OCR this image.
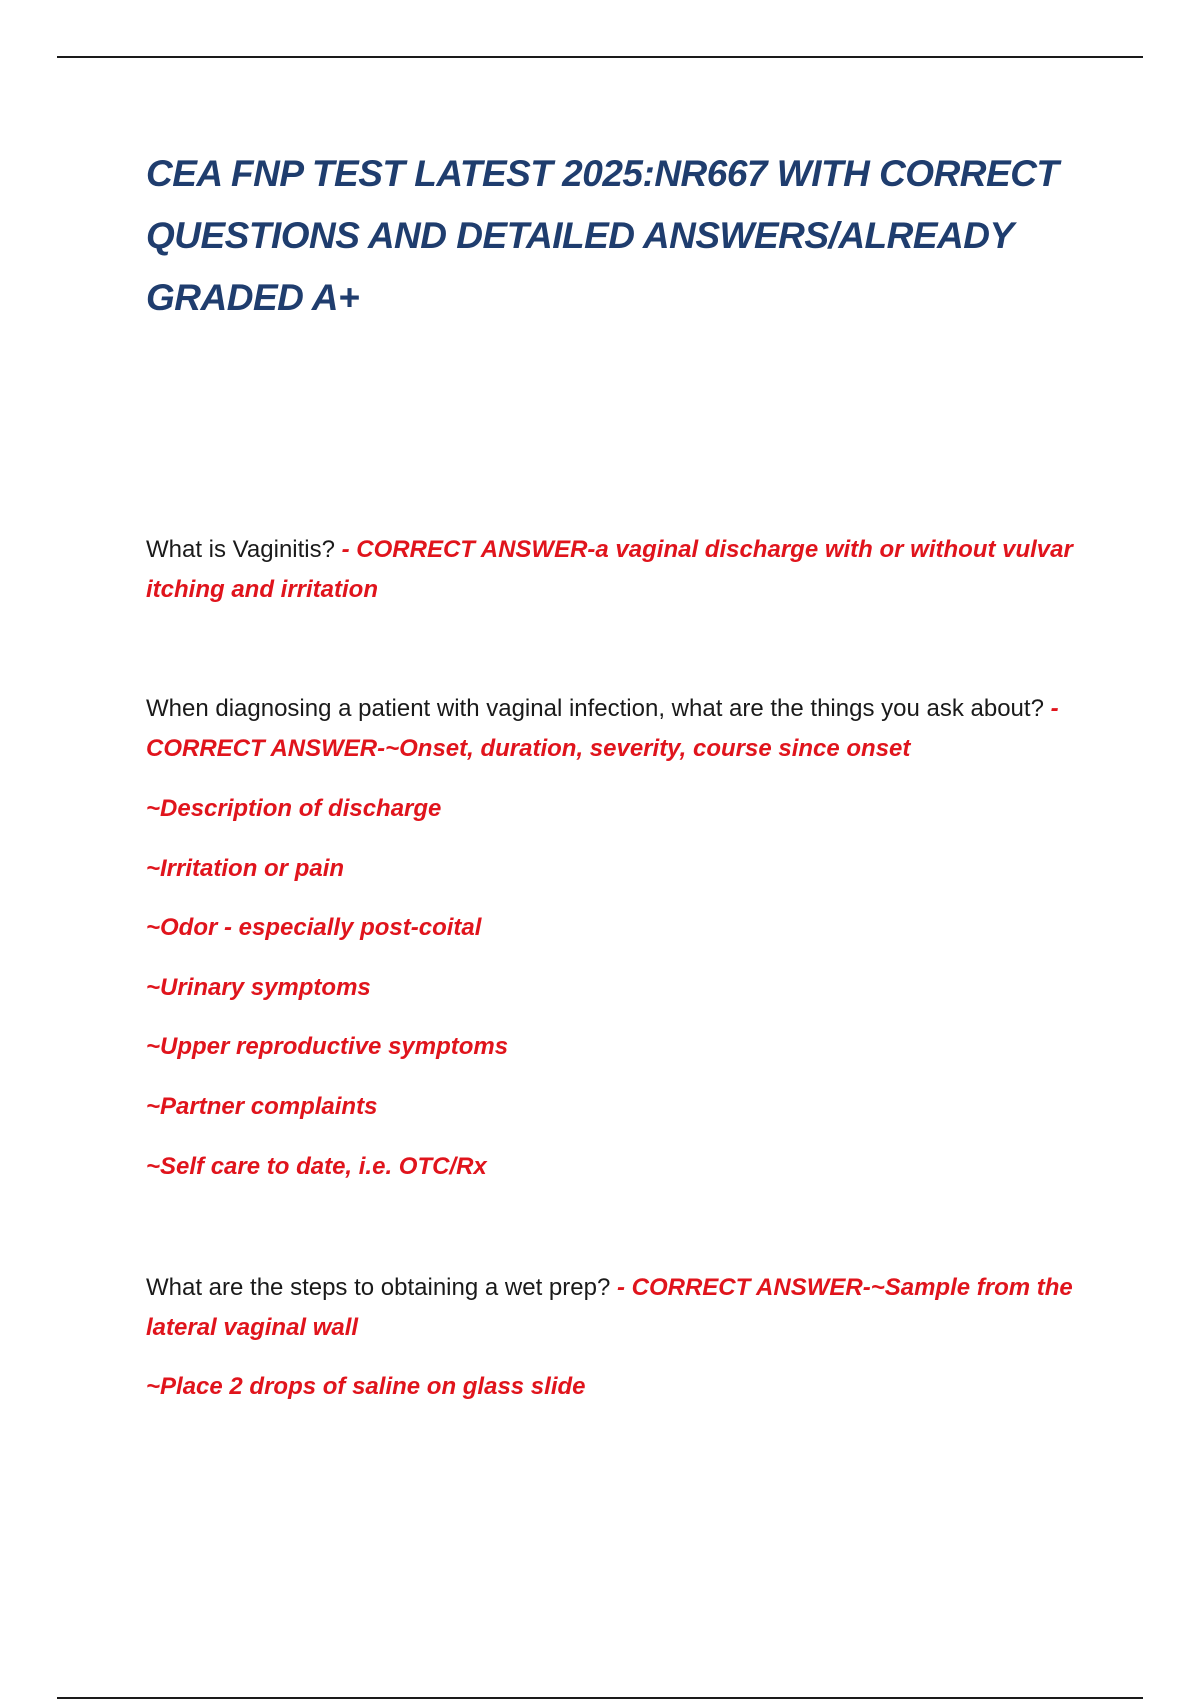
CEA FNP TEST LATEST 2025:NR667 WITH CORRECT QUESTIONS AND DETAILED ANSWERS/ALREADY GRADED A+

What is Vaginitis? - CORRECT ANSWER-a vaginal discharge with or without vulvar itching and irritation

When diagnosing a patient with vaginal infection, what are the things you ask about? - CORRECT ANSWER-~Onset, duration, severity, course since onset

~Description of discharge

~Irritation or pain

~Odor - especially post-coital

~Urinary symptoms

~Upper reproductive symptoms

~Partner complaints

~Self care to date, i.e. OTC/Rx

What are the steps to obtaining a wet prep? - CORRECT ANSWER-~Sample from the lateral vaginal wall

~Place 2 drops of saline on glass slide
